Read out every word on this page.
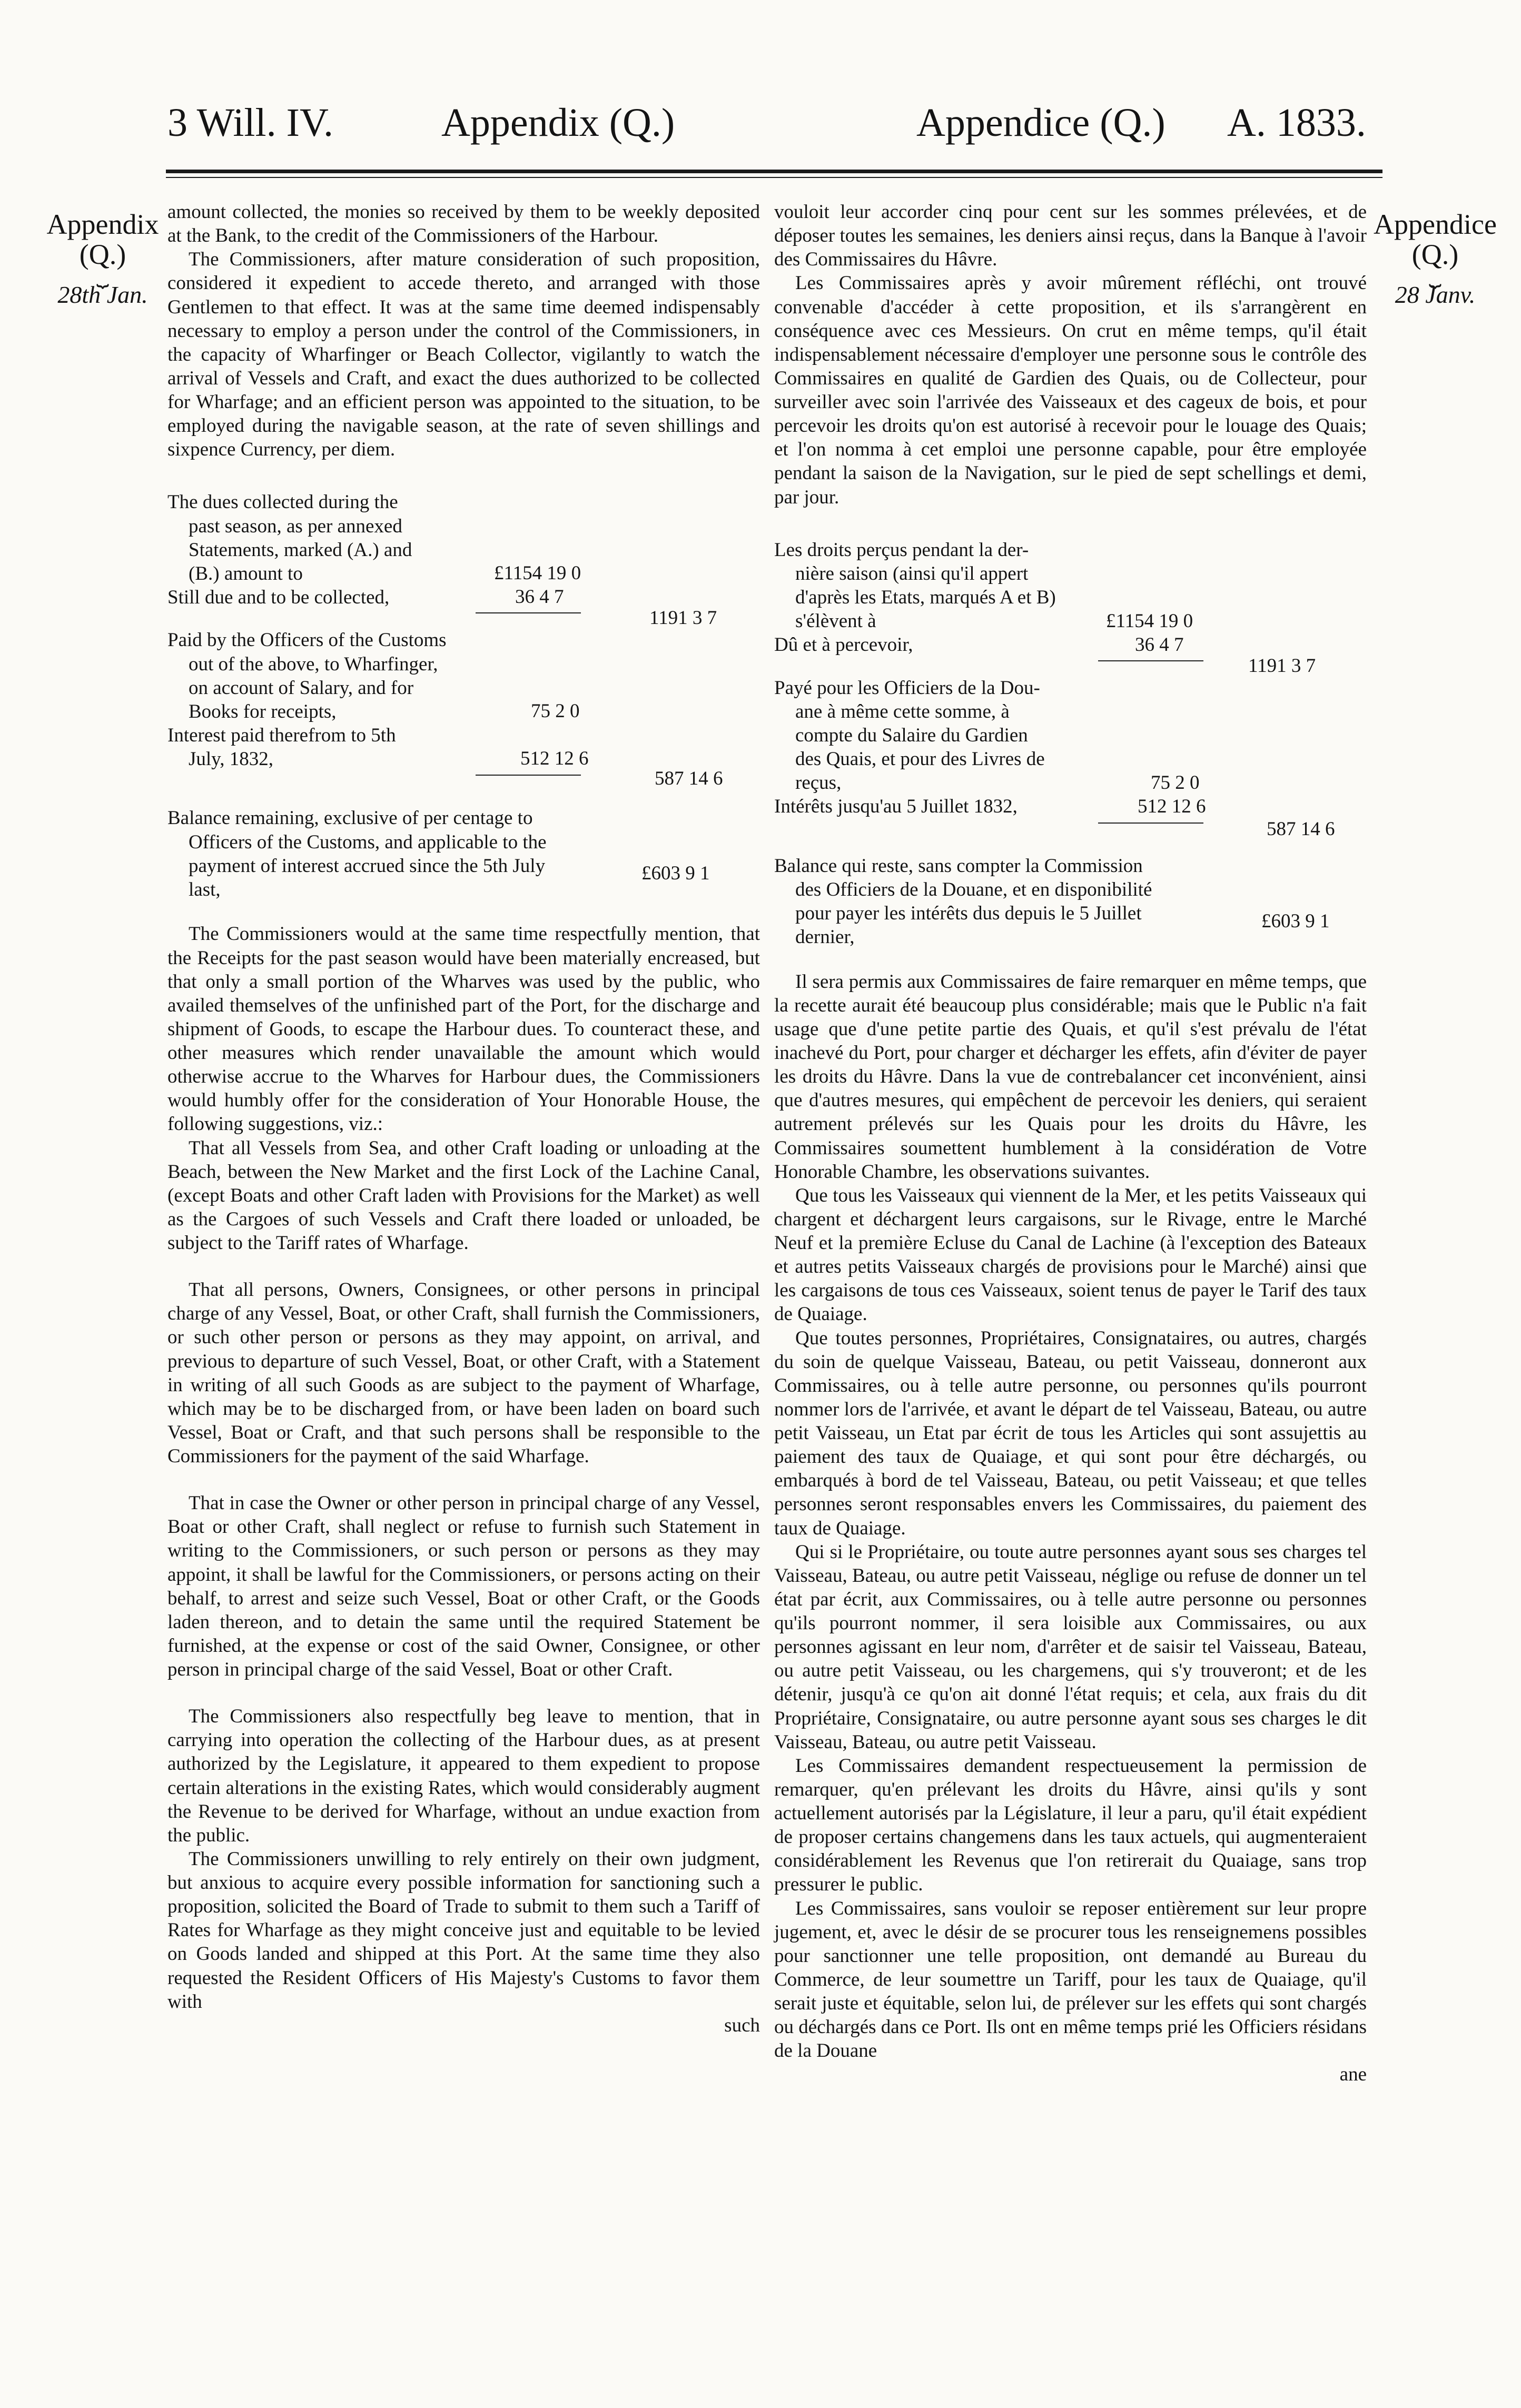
3 Will. IV.	Appendix (Q.)	Appendice (Q.) A. 1833.
Appendix
(Q.)
⏟
28th Jan.
Appendice
(Q.)
⏟
28 Janv.

amount collected, the monies so received by them to be weekly deposited at the Bank, to the credit of the Commissioners of the Harbour.

The Commissioners, after mature consideration of such proposition, considered it expedient to accede thereto, and arranged with those Gentlemen to that effect. It was at the same time deemed indispensably necessary to employ a person under the control of the Commissioners, in the capacity of Wharfinger or Beach Collector, vigilantly to watch the arrival of Vessels and Craft, and exact the dues authorized to be collected for Wharfage; and an efficient person was appointed to the situation, to be employed during the navigable season, at the rate of seven shillings and sixpence Currency, per diem.

The dues collected during the

past season, as per annexed

Statements, marked (A.) and

(B.) amount to

Still due and to be collected,

£1154 19 0
36 4 7
1191 3 7

Paid by the Officers of the Customs

out of the above, to Wharfinger,

on account of Salary, and for

Books for receipts,

Interest paid therefrom to 5th

July, 1832,

75 2 0
512 12 6
587 14 6

Balance remaining, exclusive of per centage to

Officers of the Customs, and applicable to the

payment of interest accrued since the 5th July

last,

£603 9 1

The Commissioners would at the same time respectfully mention, that the Receipts for the past season would have been materially encreased, but that only a small portion of the Wharves was used by the public, who availed themselves of the unfinished part of the Port, for the discharge and shipment of Goods, to escape the Harbour dues. To counteract these, and other measures which render unavailable the amount which would otherwise accrue to the Wharves for Harbour dues, the Commissioners would humbly offer for the consideration of Your Honorable House, the following suggestions, viz.:

That all Vessels from Sea, and other Craft loading or unloading at the Beach, between the New Market and the first Lock of the Lachine Canal, (except Boats and other Craft laden with Provisions for the Market) as well as the Cargoes of such Vessels and Craft there loaded or unloaded, be subject to the Tariff rates of Wharfage.

That all persons, Owners, Consignees, or other persons in principal charge of any Vessel, Boat, or other Craft, shall furnish the Commissioners, or such other person or persons as they may appoint, on arrival, and previous to departure of such Vessel, Boat, or other Craft, with a Statement in writing of all such Goods as are subject to the payment of Wharfage, which may be to be discharged from, or have been laden on board such Vessel, Boat or Craft, and that such persons shall be responsible to the Commissioners for the payment of the said Wharfage.

That in case the Owner or other person in principal charge of any Vessel, Boat or other Craft, shall neglect or refuse to furnish such Statement in writing to the Commissioners, or such person or persons as they may appoint, it shall be lawful for the Commissioners, or persons acting on their behalf, to arrest and seize such Vessel, Boat or other Craft, or the Goods laden thereon, and to detain the same until the required Statement be furnished, at the expense or cost of the said Owner, Consignee, or other person in principal charge of the said Vessel, Boat or other Craft.

The Commissioners also respectfully beg leave to mention, that in carrying into operation the collecting of the Harbour dues, as at present authorized by the Legislature, it appeared to them expedient to propose certain alterations in the existing Rates, which would considerably augment the Revenue to be derived for Wharfage, without an undue exaction from the public.

The Commissioners unwilling to rely entirely on their own judgment, but anxious to acquire every possible information for sanctioning such a proposition, solicited the Board of Trade to submit to them such a Tariff of Rates for Wharfage as they might conceive just and equitable to be levied on Goods landed and shipped at this Port. At the same time they also requested the Resident Officers of His Majesty's Customs to favor them with

such

vouloit leur accorder cinq pour cent sur les sommes prélevées, et de déposer toutes les semaines, les deniers ainsi reçus, dans la Banque à l'avoir des Commissaires du Hâvre.

Les Commissaires après y avoir mûrement réfléchi, ont trouvé convenable d'accéder à cette proposition, et ils s'arrangèrent en conséquence avec ces Messieurs. On crut en même temps, qu'il était indispensablement nécessaire d'employer une personne sous le contrôle des Commissaires en qualité de Gardien des Quais, ou de Collecteur, pour surveiller avec soin l'arrivée des Vaisseaux et des cageux de bois, et pour percevoir les droits qu'on est autorisé à recevoir pour le louage des Quais; et l'on nomma à cet emploi une personne capable, pour être employée pendant la saison de la Navigation, sur le pied de sept schellings et demi, par jour.

Les droits perçus pendant la der-

nière saison (ainsi qu'il appert

d'après les Etats, marqués A et B)

s'élèvent à

Dû et à percevoir,

£1154 19 0
36 4 7
1191 3 7

Payé pour les Officiers de la Dou-

ane à même cette somme, à

compte du Salaire du Gardien

des Quais, et pour des Livres de

reçus,

Intérêts jusqu'au 5 Juillet 1832,

75 2 0
512 12 6
587 14 6

Balance qui reste, sans compter la Commission

des Officiers de la Douane, et en disponibilité

pour payer les intérêts dus depuis le 5 Juillet

dernier,

£603 9 1

Il sera permis aux Commissaires de faire remarquer en même temps, que la recette aurait été beaucoup plus considérable; mais que le Public n'a fait usage que d'une petite partie des Quais, et qu'il s'est prévalu de l'état inachevé du Port, pour charger et décharger les effets, afin d'éviter de payer les droits du Hâvre. Dans la vue de contrebalancer cet inconvénient, ainsi que d'autres mesures, qui empêchent de percevoir les deniers, qui seraient autrement prélevés sur les Quais pour les droits du Hâvre, les Commissaires soumettent humblement à la considération de Votre Honorable Chambre, les observations suivantes.

Que tous les Vaisseaux qui viennent de la Mer, et les petits Vaisseaux qui chargent et déchargent leurs cargaisons, sur le Rivage, entre le Marché Neuf et la première Ecluse du Canal de Lachine (à l'exception des Bateaux et autres petits Vaisseaux chargés de provisions pour le Marché) ainsi que les cargaisons de tous ces Vaisseaux, soient tenus de payer le Tarif des taux de Quaiage.

Que toutes personnes, Propriétaires, Consignataires, ou autres, chargés du soin de quelque Vaisseau, Bateau, ou petit Vaisseau, donneront aux Commissaires, ou à telle autre personne, ou personnes qu'ils pourront nommer lors de l'arrivée, et avant le départ de tel Vaisseau, Bateau, ou autre petit Vaisseau, un Etat par écrit de tous les Articles qui sont assujettis au paiement des taux de Quaiage, et qui sont pour être déchargés, ou embarqués à bord de tel Vaisseau, Bateau, ou petit Vaisseau; et que telles personnes seront responsables envers les Commissaires, du paiement des taux de Quaiage.

Qui si le Propriétaire, ou toute autre personnes ayant sous ses charges tel Vaisseau, Bateau, ou autre petit Vaisseau, néglige ou refuse de donner un tel état par écrit, aux Commissaires, ou à telle autre personne ou personnes qu'ils pourront nommer, il sera loisible aux Commissaires, ou aux personnes agissant en leur nom, d'arrêter et de saisir tel Vaisseau, Bateau, ou autre petit Vaisseau, ou les chargemens, qui s'y trouveront; et de les détenir, jusqu'à ce qu'on ait donné l'état requis; et cela, aux frais du dit Propriétaire, Consignataire, ou autre personne ayant sous ses charges le dit Vaisseau, Bateau, ou autre petit Vaisseau.

Les Commissaires demandent respectueusement la permission de remarquer, qu'en prélevant les droits du Hâvre, ainsi qu'ils y sont actuellement autorisés par la Législature, il leur a paru, qu'il était expédient de proposer certains changemens dans les taux actuels, qui augmenteraient considérablement les Revenus que l'on retirerait du Quaiage, sans trop pressurer le public.

Les Commissaires, sans vouloir se reposer entièrement sur leur propre jugement, et, avec le désir de se procurer tous les renseignemens possibles pour sanctionner une telle proposition, ont demandé au Bureau du Commerce, de leur soumettre un Tariff, pour les taux de Quaiage, qu'il serait juste et équitable, selon lui, de prélever sur les effets qui sont chargés ou déchargés dans ce Port. Ils ont en même temps prié les Officiers résidans de la Douane

ane
